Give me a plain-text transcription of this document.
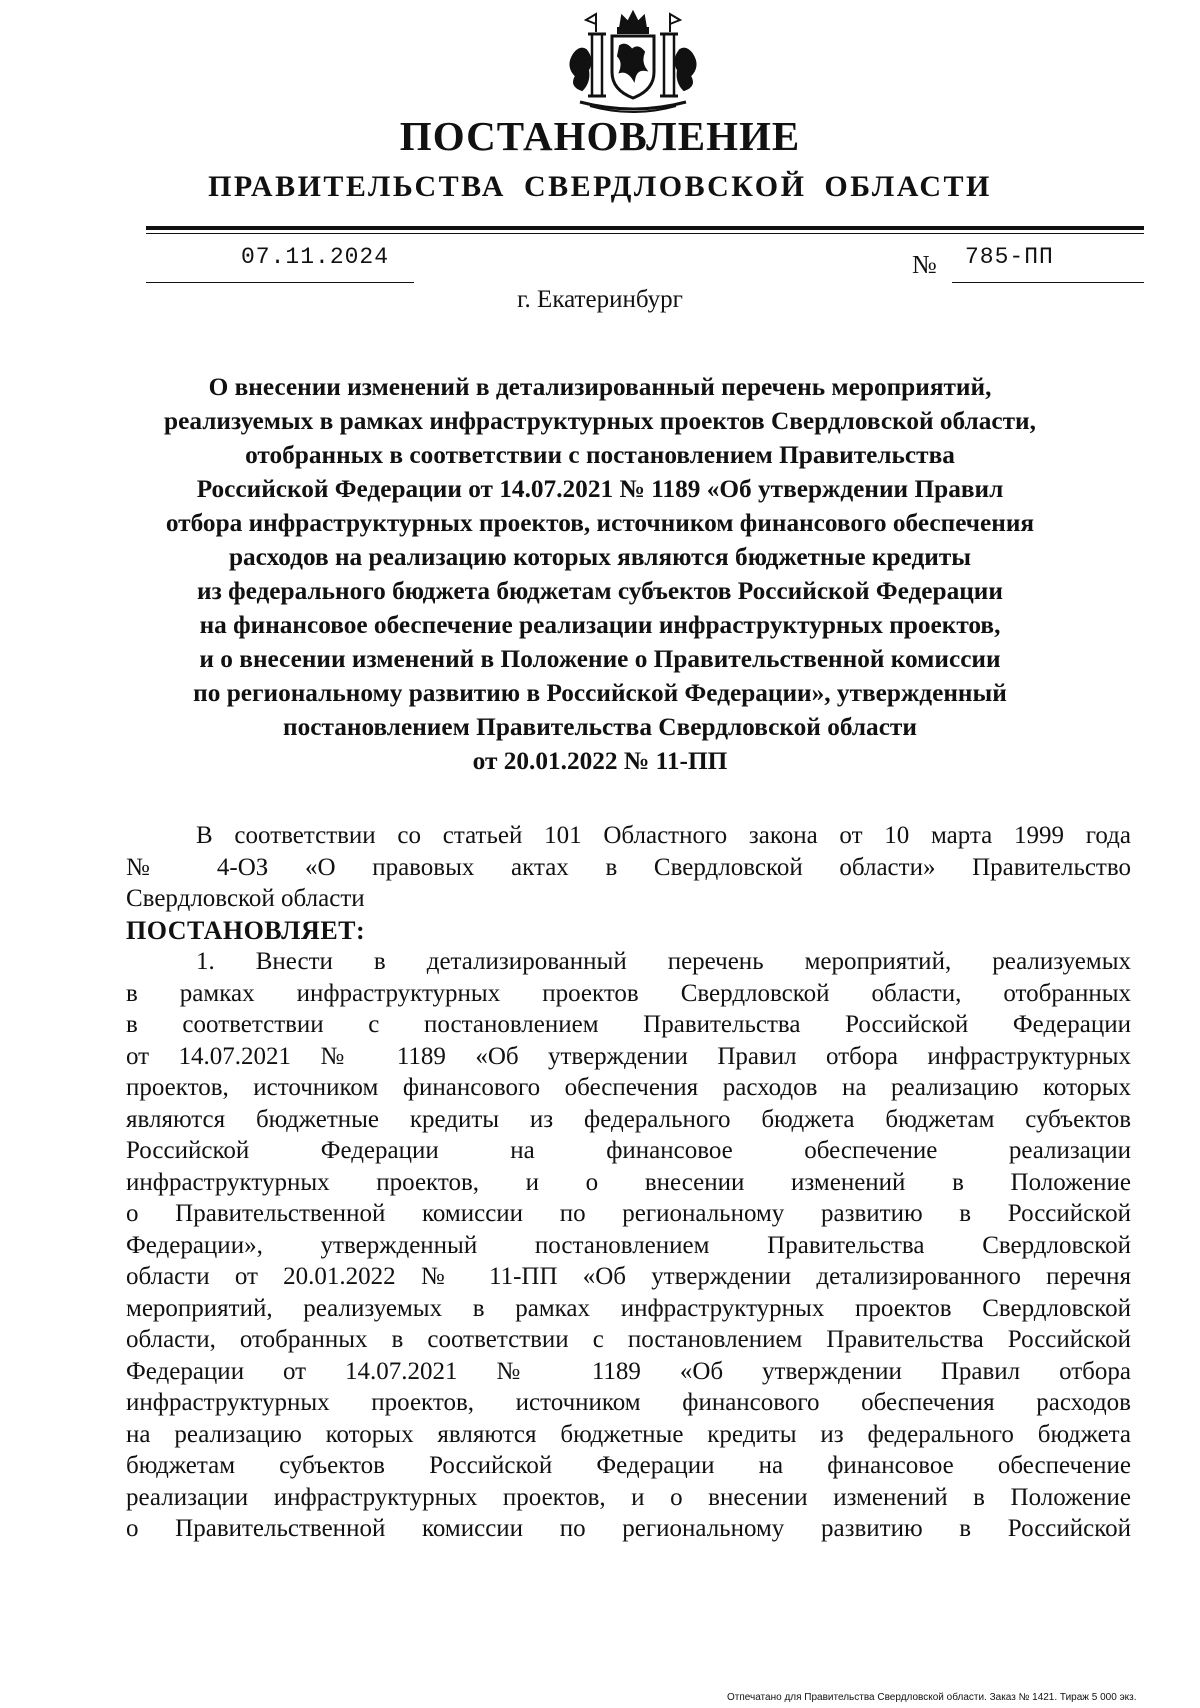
ПОСТАНОВЛЕНИЕ
ПРАВИТЕЛЬСТВА СВЕРДЛОВСКОЙ ОБЛАСТИ
07.11.2024	№ 785-ПП
г. Екатеринбург
О внесении изменений в детализированный перечень мероприятий,
реализуемых в рамках инфраструктурных проектов Свердловской области,
отобранных в соответствии с постановлением Правительства
Российской Федерации от 14.07.2021 № 1189 «Об утверждении Правил
отбора инфраструктурных проектов, источником финансового обеспечения
расходов на реализацию которых являются бюджетные кредиты
из федерального бюджета бюджетам субъектов Российской Федерации
на финансовое обеспечение реализации инфраструктурных проектов,
и о внесении изменений в Положение о Правительственной комиссии
по региональному развитию в Российской Федерации», утвержденный
постановлением Правительства Свердловской области
от 20.01.2022 № 11-ПП
В соответствии со статьей 101 Областного закона от 10 марта 1999 года
№ 4-ОЗ «О правовых актах в Свердловской области» Правительство
Свердловской области
ПОСТАНОВЛЯЕТ:
1. Внести в детализированный перечень мероприятий, реализуемых
в рамках инфраструктурных проектов Свердловской области, отобранных
в соответствии с постановлением Правительства Российской Федерации
от 14.07.2021 № 1189 «Об утверждении Правил отбора инфраструктурных
проектов, источником финансового обеспечения расходов на реализацию которых
являются бюджетные кредиты из федерального бюджета бюджетам субъектов
Российской Федерации на финансовое обеспечение реализации
инфраструктурных проектов, и о внесении изменений в Положение
о Правительственной комиссии по региональному развитию в Российской
Федерации», утвержденный постановлением Правительства Свердловской
области от 20.01.2022 № 11-ПП «Об утверждении детализированного перечня
мероприятий, реализуемых в рамках инфраструктурных проектов Свердловской
области, отобранных в соответствии с постановлением Правительства Российской
Федерации от 14.07.2021 № 1189 «Об утверждении Правил отбора
инфраструктурных проектов, источником финансового обеспечения расходов
на реализацию которых являются бюджетные кредиты из федерального бюджета
бюджетам субъектов Российской Федерации на финансовое обеспечение
реализации инфраструктурных проектов, и о внесении изменений в Положение
о Правительственной комиссии по региональному развитию в Российской
Отпечатано для Правительства Свердловской области. Заказ № 1421. Тираж 5 000 экз.
